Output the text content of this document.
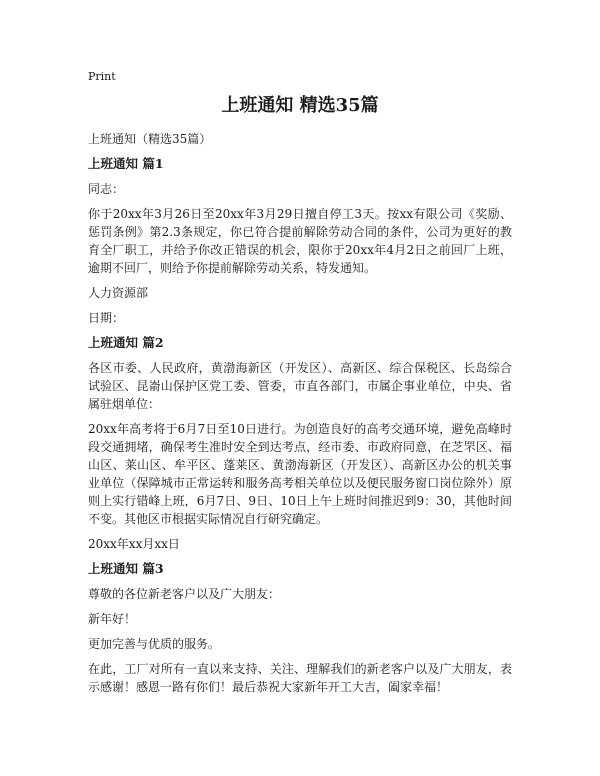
Print
上班通知 精选35篇
上班通知（精选35篇）
上班通知 篇1

同志：

你于20xx年3月26日至20xx年3月29日擅自停工3天。按xx有限公司《奖励、惩罚条例》第2.3条规定，你已符合提前解除劳动合同的条件，公司为更好的教育全厂职工，并给予你改正错误的机会，限你于20xx年4月2日之前回厂上班，逾期不回厂，则给予你提前解除劳动关系，特发通知。

人力资源部

日期：

上班通知 篇2

各区市委、人民政府，黄渤海新区（开发区）、高新区、综合保税区、长岛综合试验区、昆嵛山保护区党工委、管委，市直各部门，市属企事业单位，中央、省属驻烟单位：

20xx年高考将于6月7日至10日进行。为创造良好的高考交通环境，避免高峰时段交通拥堵，确保考生准时安全到达考点，经市委、市政府同意，在芝罘区、福山区、莱山区、牟平区、蓬莱区、黄渤海新区（开发区）、高新区办公的机关事业单位（保障城市正常运转和服务高考相关单位以及便民服务窗口岗位除外）原则上实行错峰上班，6月7日、9日、10日上午上班时间推迟到9：30，其他时间不变。其他区市根据实际情况自行研究确定。

20xx年xx月xx日

上班通知 篇3

尊敬的各位新老客户以及广大朋友：

新年好！

更加完善与优质的服务。

在此，工厂对所有一直以来支持、关注、理解我们的新老客户以及广大朋友，表示感谢！感恩一路有你们！最后恭祝大家新年开工大吉，阖家幸福！
